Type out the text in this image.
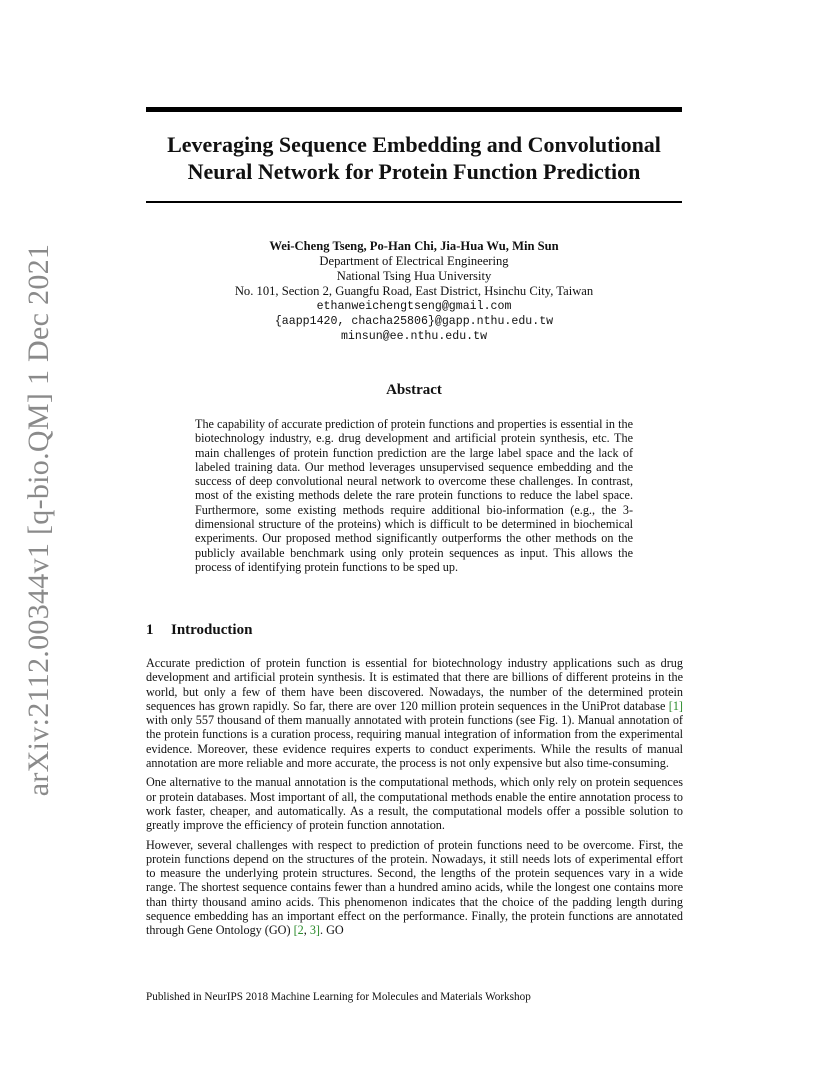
arXiv:2112.00344v1 [q-bio.QM] 1 Dec 2021
Leveraging Sequence Embedding and Convolutional
Neural Network for Protein Function Prediction
Wei-Cheng Tseng, Po-Han Chi, Jia-Hua Wu, Min Sun
Department of Electrical Engineering
National Tsing Hua University
No. 101, Section 2, Guangfu Road, East District, Hsinchu City, Taiwan
ethanweichengtseng@gmail.com
{aapp1420, chacha25806}@gapp.nthu.edu.tw
minsun@ee.nthu.edu.tw
Abstract
The capability of accurate prediction of protein functions and properties is essential in the biotechnology industry, e.g. drug development and artificial protein synthesis, etc. The main challenges of protein function prediction are the large label space and the lack of labeled training data. Our method leverages unsupervised sequence embedding and the success of deep convolutional neural network to overcome these challenges. In contrast, most of the existing methods delete the rare protein functions to reduce the label space. Furthermore, some existing methods require additional bio-information (e.g., the 3-dimensional structure of the proteins) which is difficult to be determined in biochemical experiments. Our proposed method significantly outperforms the other methods on the publicly available benchmark using only protein sequences as input. This allows the process of identifying protein functions to be sped up.
1 Introduction

Accurate prediction of protein function is essential for biotechnology industry applications such as drug development and artificial protein synthesis. It is estimated that there are billions of different proteins in the world, but only a few of them have been discovered. Nowadays, the number of the determined protein sequences has grown rapidly. So far, there are over 120 million protein sequences in the UniProt database [1] with only 557 thousand of them manually annotated with protein functions (see Fig. 1). Manual annotation of the protein functions is a curation process, requiring manual integration of information from the experimental evidence. Moreover, these evidence requires experts to conduct experiments. While the results of manual annotation are more reliable and more accurate, the process is not only expensive but also time-consuming.

One alternative to the manual annotation is the computational methods, which only rely on protein sequences or protein databases. Most important of all, the computational methods enable the entire annotation process to work faster, cheaper, and automatically. As a result, the computational models offer a possible solution to greatly improve the efficiency of protein function annotation.

However, several challenges with respect to prediction of protein functions need to be overcome. First, the protein functions depend on the structures of the protein. Nowadays, it still needs lots of experimental effort to measure the underlying protein structures. Second, the lengths of the protein sequences vary in a wide range. The shortest sequence contains fewer than a hundred amino acids, while the longest one contains more than thirty thousand amino acids. This phenomenon indicates that the choice of the padding length during sequence embedding has an important effect on the performance. Finally, the protein functions are annotated through Gene Ontology (GO) [2, 3]. GO

Published in NeurIPS 2018 Machine Learning for Molecules and Materials Workshop
